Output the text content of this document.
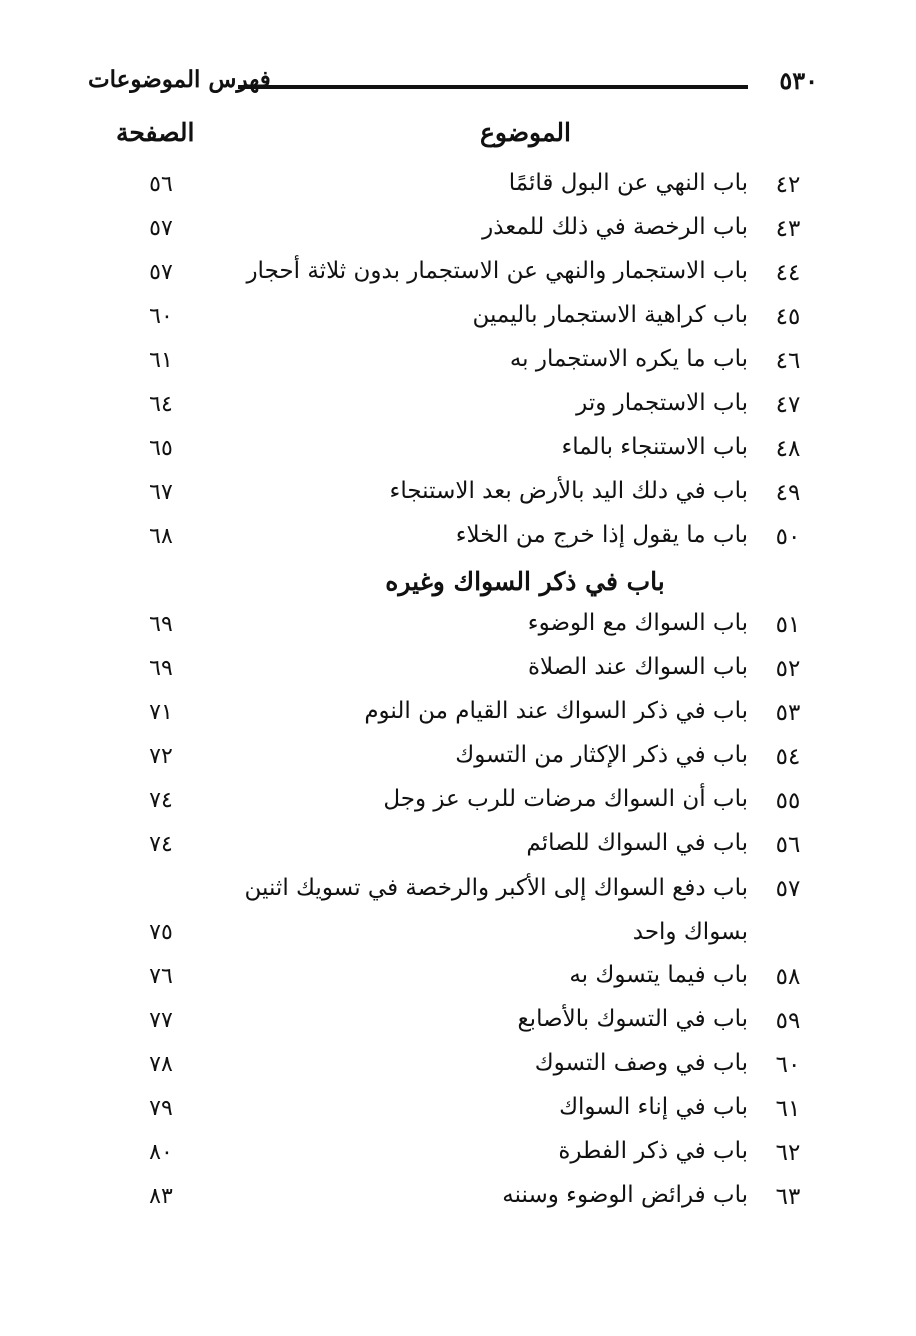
٥٣٠
فهرس الموضوعات
الموضوع
الصفحة
٤٢
باب النهي عن البول قائمًا
٥٦
٤٣
باب الرخصة في ذلك للمعذر
٥٧
٤٤
باب الاستجمار والنهي عن الاستجمار بدون ثلاثة أحجار
٥٧
٤٥
باب كراهية الاستجمار باليمين
٦٠
٤٦
باب ما يكره الاستجمار به
٦١
٤٧
باب الاستجمار وتر
٦٤
٤٨
باب الاستنجاء بالماء
٦٥
٤٩
باب في دلك اليد بالأرض بعد الاستنجاء
٦٧
٥٠
باب ما يقول إذا خرج من الخلاء
٦٨
باب في ذكر السواك وغيره
٥١
باب السواك مع الوضوء
٦٩
٥٢
باب السواك عند الصلاة
٦٩
٥٣
باب في ذكر السواك عند القيام من النوم
٧١
٥٤
باب في ذكر الإكثار من التسوك
٧٢
٥٥
باب أن السواك مرضات للرب عز وجل
٧٤
٥٦
باب في السواك للصائم
٧٤
٥٧
باب دفع السواك إلى الأكبر والرخصة في تسويك اثنين بسواك واحد
٧٥
٥٨
باب فيما يتسوك به
٧٦
٥٩
باب في التسوك بالأصابع
٧٧
٦٠
باب في وصف التسوك
٧٨
٦١
باب في إناء السواك
٧٩
٦٢
باب في ذكر الفطرة
٨٠
٦٣
باب فرائض الوضوء وسننه
٨٣
